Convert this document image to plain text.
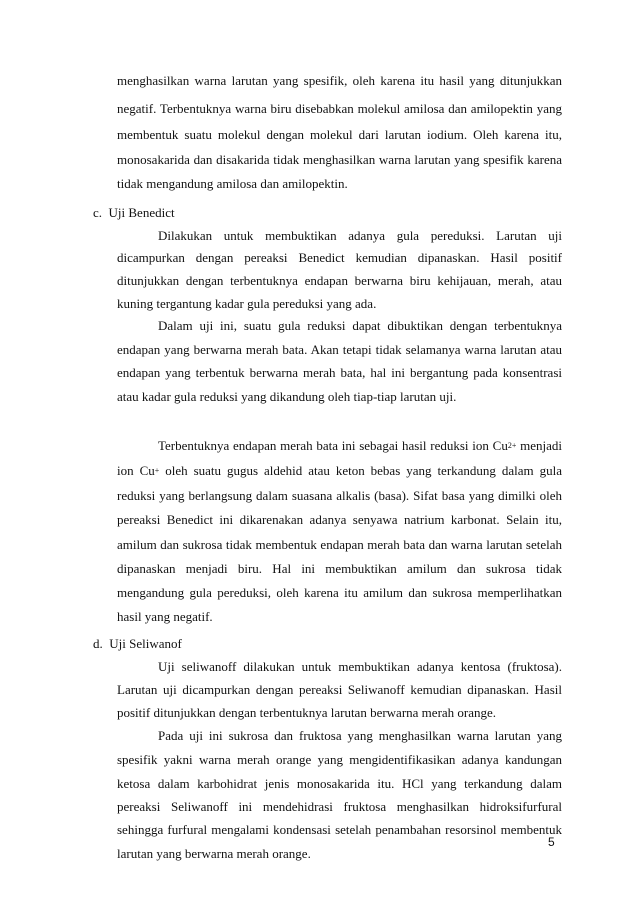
menghasilkan warna larutan yang spesifik, oleh karena itu hasil yang ditunjukkan
negatif. Terbentuknya warna biru disebabkan molekul amilosa dan amilopektin yang
membentuk suatu molekul dengan molekul dari larutan iodium. Oleh karena itu,
monosakarida dan disakarida tidak menghasilkan warna larutan yang spesifik karena
tidak mengandung amilosa dan amilopektin.
c.  Uji Benedict
Dilakukan untuk membuktikan adanya gula pereduksi. Larutan uji
dicampurkan dengan pereaksi Benedict kemudian dipanaskan. Hasil positif
ditunjukkan dengan terbentuknya endapan berwarna biru kehijauan, merah, atau
kuning tergantung kadar gula pereduksi yang ada.
Dalam uji ini, suatu gula reduksi dapat dibuktikan dengan terbentuknya
endapan yang berwarna merah bata. Akan tetapi tidak selamanya warna larutan atau
endapan yang terbentuk berwarna merah bata, hal ini bergantung pada konsentrasi
atau kadar gula reduksi yang dikandung oleh tiap-tiap larutan uji.
Terbentuknya endapan merah bata ini sebagai hasil reduksi ion $Cu^{2+}$ menjadi
ion Cu+ oleh suatu gugus aldehid atau keton bebas yang terkandung dalam gula
reduksi yang berlangsung dalam suasana alkalis (basa). Sifat basa yang dimilki oleh
pereaksi Benedict ini dikarenakan adanya senyawa natrium karbonat. Selain itu,
amilum dan sukrosa tidak membentuk endapan merah bata dan warna larutan setelah
dipanaskan menjadi biru. Hal ini membuktikan amilum dan sukrosa tidak
mengandung gula pereduksi, oleh karena itu amilum dan sukrosa memperlihatkan
hasil yang negatif.
d.  Uji Seliwanof
Uji seliwanoff dilakukan untuk membuktikan adanya kentosa (fruktosa).
Larutan uji dicampurkan dengan pereaksi Seliwanoff kemudian dipanaskan. Hasil
positif ditunjukkan dengan terbentuknya larutan berwarna merah orange.
Pada uji ini sukrosa dan fruktosa yang menghasilkan warna larutan yang
spesifik yakni warna merah orange yang mengidentifikasikan adanya kandungan
ketosa dalam karbohidrat jenis monosakarida itu. HCl yang terkandung dalam
pereaksi Seliwanoff ini mendehidrasi fruktosa menghasilkan hidroksifurfural
sehingga furfural mengalami kondensasi setelah penambahan resorsinol membentuk
larutan yang berwarna merah orange.
5
